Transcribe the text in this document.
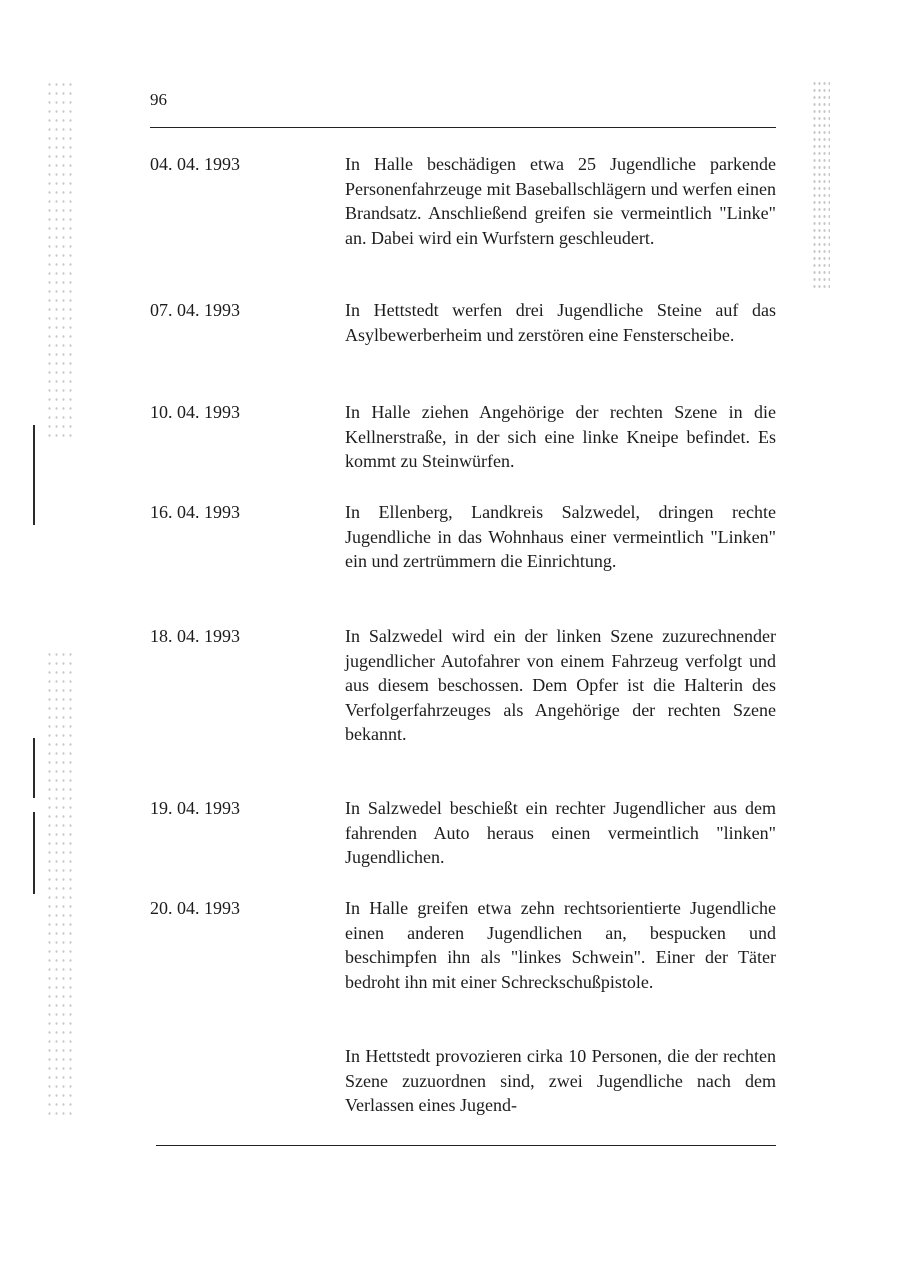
96
04. 04. 1993	In Halle beschädigen etwa 25 Jugendliche parkende Personenfahrzeuge mit Baseballschlägern und werfen einen Brandsatz. Anschließend greifen sie vermeintlich "Linke" an. Dabei wird ein Wurfstern geschleudert.
07. 04. 1993	In Hettstedt werfen drei Jugendliche Steine auf das Asylbewerberheim und zerstören eine Fensterscheibe.
10. 04. 1993	In Halle ziehen Angehörige der rechten Szene in die Kellnerstraße, in der sich eine linke Kneipe befindet. Es kommt zu Steinwürfen.
16. 04. 1993	In Ellenberg, Landkreis Salzwedel, dringen rechte Jugendliche in das Wohnhaus einer vermeintlich "Linken" ein und zertrümmern die Einrichtung.
18. 04. 1993	In Salzwedel wird ein der linken Szene zuzurechnender jugendlicher Autofahrer von einem Fahrzeug verfolgt und aus diesem beschossen. Dem Opfer ist die Halterin des Verfolgerfahrzeuges als Angehörige der rechten Szene bekannt.
19. 04. 1993	In Salzwedel beschießt ein rechter Jugendlicher aus dem fahrenden Auto heraus einen vermeintlich "linken" Jugendlichen.
20. 04. 1993	In Halle greifen etwa zehn rechtsorientierte Jugendliche einen anderen Jugendlichen an, bespucken und beschimpfen ihn als "linkes Schwein". Einer der Täter bedroht ihn mit einer Schreckschußpistole.
In Hettstedt provozieren cirka 10 Personen, die der rechten Szene zuzuordnen sind, zwei Jugendliche nach dem Verlassen eines Jugend-
